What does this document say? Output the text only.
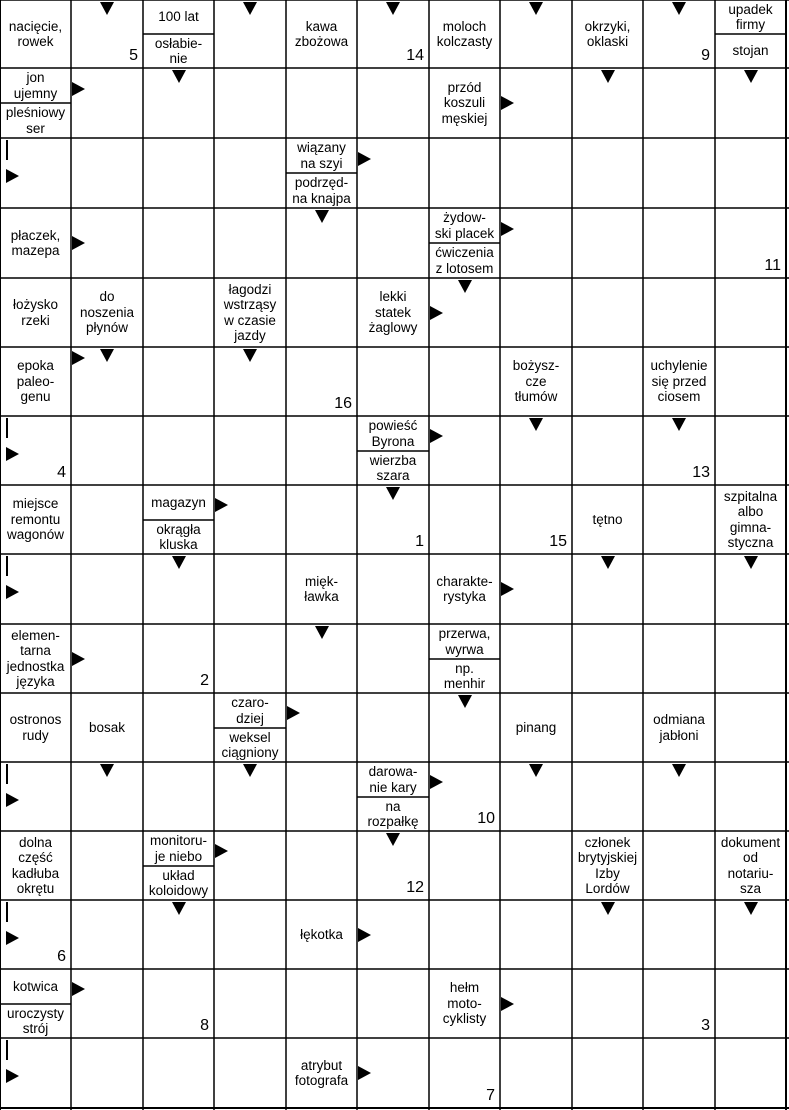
nacięcie,
rowek
100 lat
osłabie-
nie
kawa
zbożowa
moloch
kolczasty
okrzyki,
oklaski
upadek
firmy
stojan
jon
ujemny
pleśniowy
ser
przód
koszuli
męskiej
wiązany
na szyi
podrzęd-
na knajpa
płaczek,
mazepa
żydow-
ski placek
ćwiczenia
z lotosem
łożysko
rzeki
do
noszenia
płynów
łagodzi
wstrząsy
w czasie
jazdy
lekki
statek
żaglowy
epoka
paleo-
genu
bożysz-
cze
tłumów
uchylenie
się przed
ciosem
powieść
Byrona
wierzba
szara
miejsce
remontu
wagonów
magazyn
okrągła
kluska
tętno
szpitalna
albo
gimna-
styczna
mięk-
ławka
charakte-
rystyka
elemen-
tarna
jednostka
języka
przerwa,
wyrwa
np.
menhir
ostronos
rudy
bosak
czaro-
dziej
weksel
ciągniony
pinang
odmiana
jabłoni
darowa-
nie kary
na
rozpałkę
dolna
część
kadłuba
okrętu
monitoru-
je niebo
układ
koloidowy
członek
brytyjskiej
Izby
Lordów
dokument
od
notariu-
sza
łękotka
kotwica
uroczysty
strój
hełm
moto-
cyklisty
atrybut
fotografa
5	14	9
11
16
4	13
1	15
2
10
12
6
8	3
7
